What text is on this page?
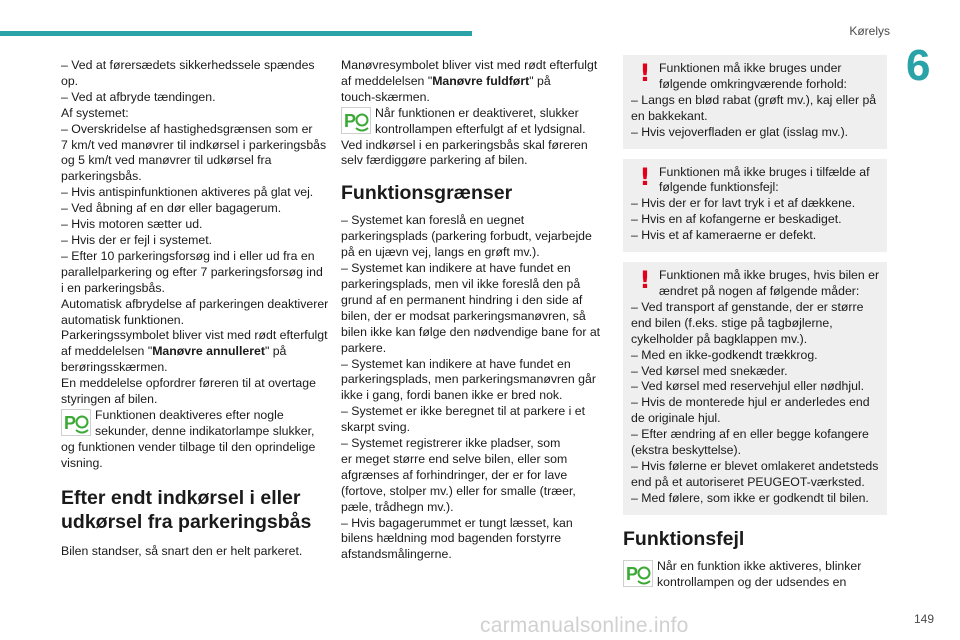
Kørelys
6
– Ved at førersædets sikkerhedssele spændes
op.
– Ved at afbryde tændingen.
Af systemet:
– Overskridelse af hastighedsgrænsen som er
7 km/t ved manøvrer til indkørsel i parkeringsbås
og 5 km/t ved manøvrer til udkørsel fra
parkeringsbås.
– Hvis antispinfunktionen aktiveres på glat vej.
– Ved åbning af en dør eller bagagerum.
– Hvis motoren sætter ud.
– Hvis der er fejl i systemet.
– Efter 10 parkeringsforsøg ind i eller ud fra en
parallelparkering og efter 7 parkeringsforsøg ind
i en parkeringsbås.
Automatisk afbrydelse af parkeringen deaktiverer
automatisk funktionen.
Parkeringssymbolet bliver vist med rødt efterfulgt
af meddelelsen "Manøvre annulleret" på
berøringsskærmen.
En meddelelse opfordrer føreren til at overtage
styringen af bilen.
P Funktionen deaktiveres efter nogle
sekunder, denne indikatorlampe slukker,
og funktionen vender tilbage til den oprindelige
visning.
Efter endt indkørsel i eller
udkørsel fra parkeringsbås
Bilen standser, så snart den er helt parkeret.
Manøvresymbolet bliver vist med rødt efterfulgt
af meddelelsen "Manøvre fuldført" på
touch-skærmen.
P Når funktionen er deaktiveret, slukker
kontrollampen efterfulgt af et lydsignal.
Ved indkørsel i en parkeringsbås skal føreren
selv færdiggøre parkering af bilen.
Funktionsgrænser
– Systemet kan foreslå en uegnet
parkeringsplads (parkering forbudt, vejarbejde
på en ujævn vej, langs en grøft mv.).
– Systemet kan indikere at have fundet en
parkeringsplads, men vil ikke foreslå den på
grund af en permanent hindring i den side af
bilen, der er modsat parkeringsmanøvren, så
bilen ikke kan følge den nødvendige bane for at
parkere.
– Systemet kan indikere at have fundet en
parkeringsplads, men parkeringsmanøvren går
ikke i gang, fordi banen ikke er bred nok.
– Systemet er ikke beregnet til at parkere i et
skarpt sving.
– Systemet registrerer ikke pladser, som
er meget større end selve bilen, eller som
afgrænses af forhindringer, der er for lave
(fortove, stolper mv.) eller for smalle (træer,
pæle, trådhegn mv.).
– Hvis bagagerummet er tungt læsset, kan
bilens hældning mod bagenden forstyrre
afstandsmålingerne.
! Funktionen må ikke bruges under
følgende omkringværende forhold:
– Langs en blød rabat (grøft mv.), kaj eller på
en bakkekant.
– Hvis vejoverfladen er glat (isslag mv.).
! Funktionen må ikke bruges i tilfælde af
følgende funktionsfejl:
– Hvis der er for lavt tryk i et af dækkene.
– Hvis en af kofangerne er beskadiget.
– Hvis et af kameraerne er defekt.
! Funktionen må ikke bruges, hvis bilen er
ændret på nogen af følgende måder:
– Ved transport af genstande, der er større
end bilen (f.eks. stige på tagbøjlerne,
cykelholder på bagklappen mv.).
– Med en ikke-godkendt trækkrog.
– Ved kørsel med snekæder.
– Ved kørsel med reservehjul eller nødhjul.
– Hvis de monterede hjul er anderledes end
de originale hjul.
– Efter ændring af en eller begge kofangere
(ekstra beskyttelse).
– Hvis følerne er blevet omlakeret andetsteds
end på et autoriseret PEUGEOT-værksted.
– Med følere, som ikke er godkendt til bilen.
Funktionsfejl
P Når en funktion ikke aktiveres, blinker
kontrollampen og der udsendes en
149
carmanualsonline.info
